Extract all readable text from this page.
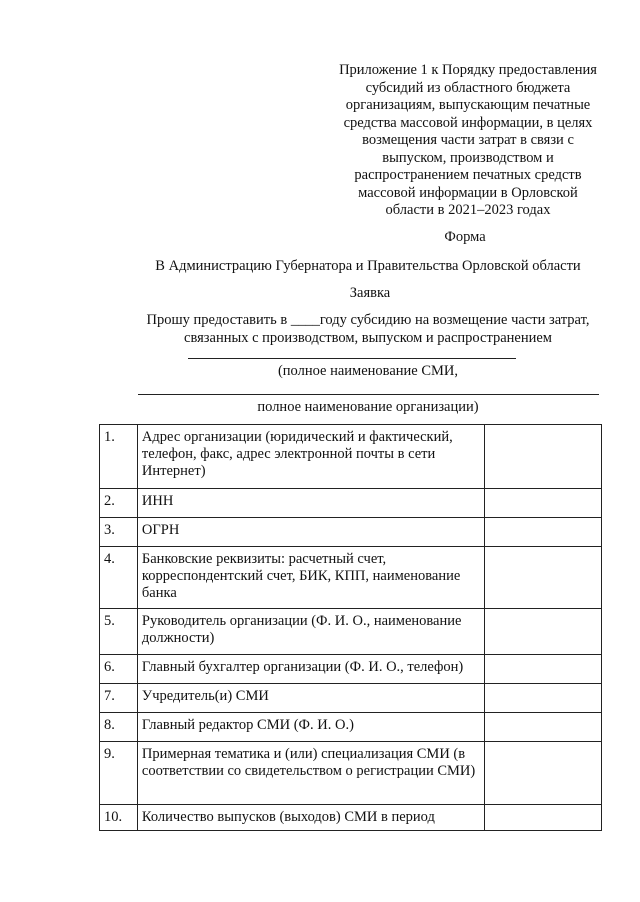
Приложение 1 к Порядку предоставления
субсидий из областного бюджета
организациям, выпускающим печатные
средства массовой информации, в целях
возмещения части затрат в связи с
выпуском, производством и
распространением печатных средств
массовой информации в Орловской
области в 2021–2023 годах
Форма
В Администрацию Губернатора и Правительства Орловской области
Заявка
Прошу предоставить в ____году субсидию на возмещение части затрат,
связанных с производством, выпуском и распространением
(полное наименование СМИ,
полное наименование организации)
1.	Адрес организации (юридический и фактический, телефон, факс, адрес электронной почты в сети Интернет)	
2.	ИНН	
3.	ОГРН	
4.	Банковские реквизиты: расчетный счет, корреспондентский счет, БИК, КПП, наименование банка	
5.	Руководитель организации (Ф. И. О., наименование должности)	
6.	Главный бухгалтер организации (Ф. И. О., телефон)	
7.	Учредитель(и) СМИ	
8.	Главный редактор СМИ (Ф. И. О.)	
9.	Примерная тематика и (или) специализация СМИ (в соответствии со свидетельством о регистрации СМИ)	
10.	Количество выпусков (выходов) СМИ в период	
